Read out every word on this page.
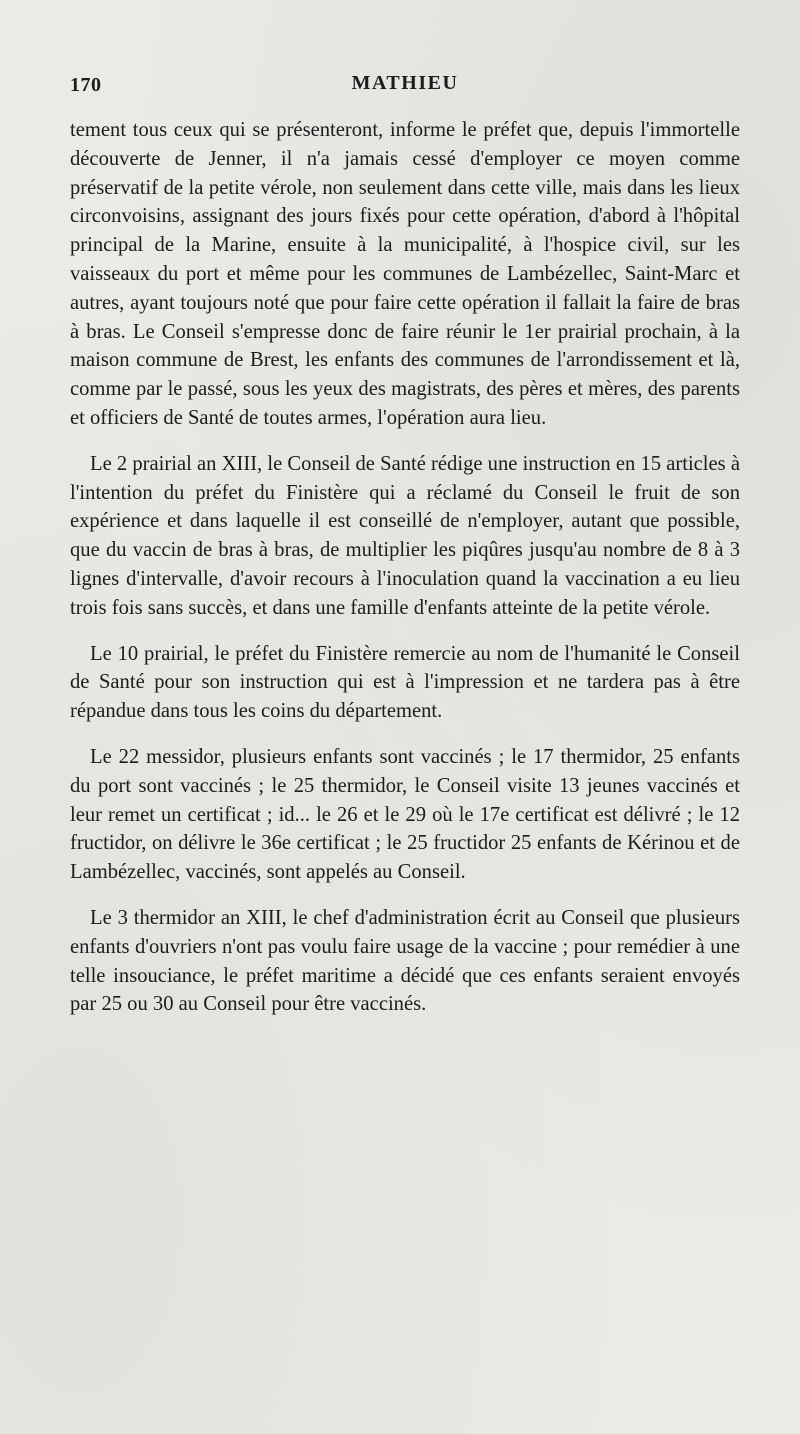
170	MATHIEU

tement tous ceux qui se présenteront, informe le préfet que, depuis l'immortelle découverte de Jenner, il n'a jamais cessé d'employer ce moyen comme préservatif de la petite vérole, non seulement dans cette ville, mais dans les lieux circonvoisins, assignant des jours fixés pour cette opération, d'abord à l'hôpital principal de la Marine, ensuite à la municipalité, à l'hospice civil, sur les vaisseaux du port et même pour les communes de Lambézellec, Saint-Marc et autres, ayant toujours noté que pour faire cette opération il fallait la faire de bras à bras. Le Conseil s'empresse donc de faire réunir le 1er prairial prochain, à la maison commune de Brest, les enfants des communes de l'arrondissement et là, comme par le passé, sous les yeux des magistrats, des pères et mères, des parents et officiers de Santé de toutes armes, l'opération aura lieu.

Le 2 prairial an XIII, le Conseil de Santé rédige une instruction en 15 articles à l'intention du préfet du Finistère qui a réclamé du Conseil le fruit de son expérience et dans laquelle il est conseillé de n'employer, autant que possible, que du vaccin de bras à bras, de multiplier les piqûres jusqu'au nombre de 8 à 3 lignes d'intervalle, d'avoir recours à l'inoculation quand la vaccination a eu lieu trois fois sans succès, et dans une famille d'enfants atteinte de la petite vérole.

Le 10 prairial, le préfet du Finistère remercie au nom de l'humanité le Conseil de Santé pour son instruction qui est à l'impression et ne tardera pas à être répandue dans tous les coins du département.

Le 22 messidor, plusieurs enfants sont vaccinés ; le 17 thermidor, 25 enfants du port sont vaccinés ; le 25 thermidor, le Conseil visite 13 jeunes vaccinés et leur remet un certificat ; id... le 26 et le 29 où le 17e certificat est délivré ; le 12 fructidor, on délivre le 36e certificat ; le 25 fructidor 25 enfants de Kérinou et de Lambézellec, vaccinés, sont appelés au Conseil.

Le 3 thermidor an XIII, le chef d'administration écrit au Conseil que plusieurs enfants d'ouvriers n'ont pas voulu faire usage de la vaccine ; pour remédier à une telle insouciance, le préfet maritime a décidé que ces enfants seraient envoyés par 25 ou 30 au Conseil pour être vaccinés.
